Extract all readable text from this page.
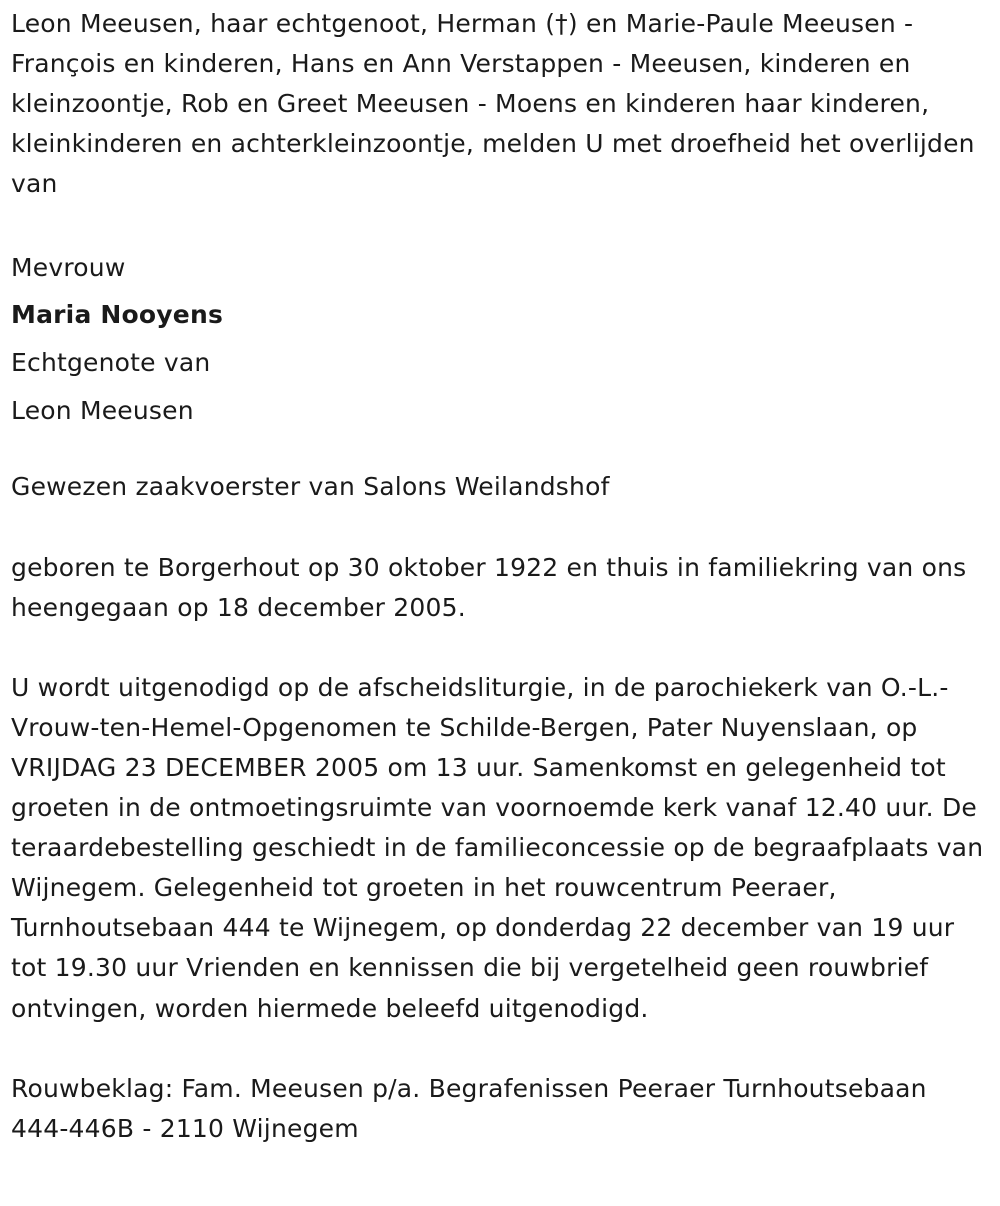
Leon Meeusen, haar echtgenoot, Herman (†) en Marie-Paule Meeusen - François en kinderen, Hans en Ann Verstappen - Meeusen, kinderen en kleinzoontje, Rob en Greet Meeusen - Moens en kinderen haar kinderen, kleinkinderen en achterkleinzoontje, melden U met droefheid het overlijden van

Mevrouw
Maria Nooyens
Echtgenote van
Leon Meeusen

Gewezen zaakvoerster van Salons Weilandshof

geboren te Borgerhout op 30 oktober 1922 en thuis in familiekring van ons heengegaan op 18 december 2005.

U wordt uitgenodigd op de afscheidsliturgie, in de parochiekerk van O.-L.-Vrouw-ten-Hemel-Opgenomen te Schilde-Bergen, Pater Nuyenslaan, op VRIJDAG 23 DECEMBER 2005 om 13 uur. Samenkomst en gelegenheid tot groeten in de ontmoetingsruimte van voornoemde kerk vanaf 12.40 uur. De teraardebestelling geschiedt in de familieconcessie op de begraafplaats van Wijnegem. Gelegenheid tot groeten in het rouwcentrum Peeraer, Turnhoutsebaan 444 te Wijnegem, op donderdag 22 december van 19 uur tot 19.30 uur Vrienden en kennissen die bij vergetelheid geen rouwbrief ontvingen, worden hiermede beleefd uitgenodigd.

Rouwbeklag: Fam. Meeusen p/a. Begrafenissen Peeraer Turnhoutsebaan 444-446B - 2110 Wijnegem
